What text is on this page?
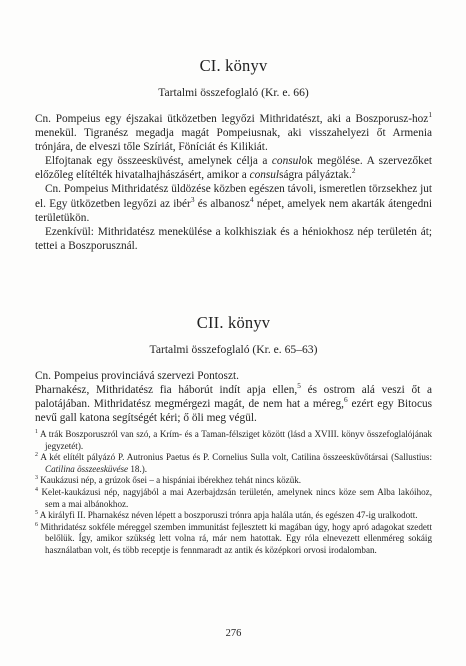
CI. könyv
Tartalmi összefoglaló (Kr. e. 66)

Cn. Pompeius egy éjszakai ütközetben legyőzi Mithridatészt, aki a Boszporusz-hoz$^1$ menekül. Tigranész megadja magát Pompeiusnak, aki visszahelyezi őt Armenia trónjára, de elveszi tőle Szíriát, Föníciát és Kilikiát.

Elfojtanak egy összeesküvést, amelynek célja a consulok megölése. A szervezőket előzőleg elítélték hivatalhajhászásért, amikor a consulságra pályáztak.$^2$

Cn. Pompeius Mithridatész üldözése közben egészen távoli, ismeretlen törzsekhez jut el. Egy ütközetben legyőzi az ibér$^3$ és albanosz$^4$ népet, amelyek nem akarták átengedni területükön.

Ezenkívül: Mithridatész menekülése a kolkhisziak és a héniokhosz nép területén át; tettei a Boszporusznál.

CII. könyv
Tartalmi összefoglaló (Kr. e. 65–63)

Cn. Pompeius provinciává szervezi Pontoszt.

Pharnakész, Mithridatész fia háborút indít apja ellen,$^5$ és ostrom alá veszi őt a palotájában. Mithridatész megmérgezi magát, de nem hat a méreg,$^6$ ezért egy Bitocus nevű gall katona segítségét kéri; ő öli meg végül.

$^1$ A trák Boszporuszról van szó, a Krím- és a Taman-félsziget között (lásd a XVIII. könyv összefoglalójának jegyzetét).

$^2$ A két elítélt pályázó P. Autronius Paetus és P. Cornelius Sulla volt, Catilina összeesküvőtársai (Sallustius: Catilina összeesküvése 18.).

$^3$ Kaukázusi nép, a grúzok ősei – a hispániai ibérekhez tehát nincs közük.

$^4$ Kelet-kaukázusi nép, nagyjából a mai Azerbajdzsán területén, amelynek nincs köze sem Alba lakóihoz, sem a mai albánokhoz.

$^5$ A királyfi II. Pharnakész néven lépett a boszporuszi trónra apja halála után, és egészen 47-ig uralkodott.

$^6$ Mithridatész sokféle méreggel szemben immunitást fejlesztett ki magában úgy, hogy apró adagokat szedett belőlük. Így, amikor szükség lett volna rá, már nem hatottak. Egy róla elnevezett ellenméreg sokáig használatban volt, és több receptje is fennmaradt az antik és középkori orvosi irodalomban.

276
